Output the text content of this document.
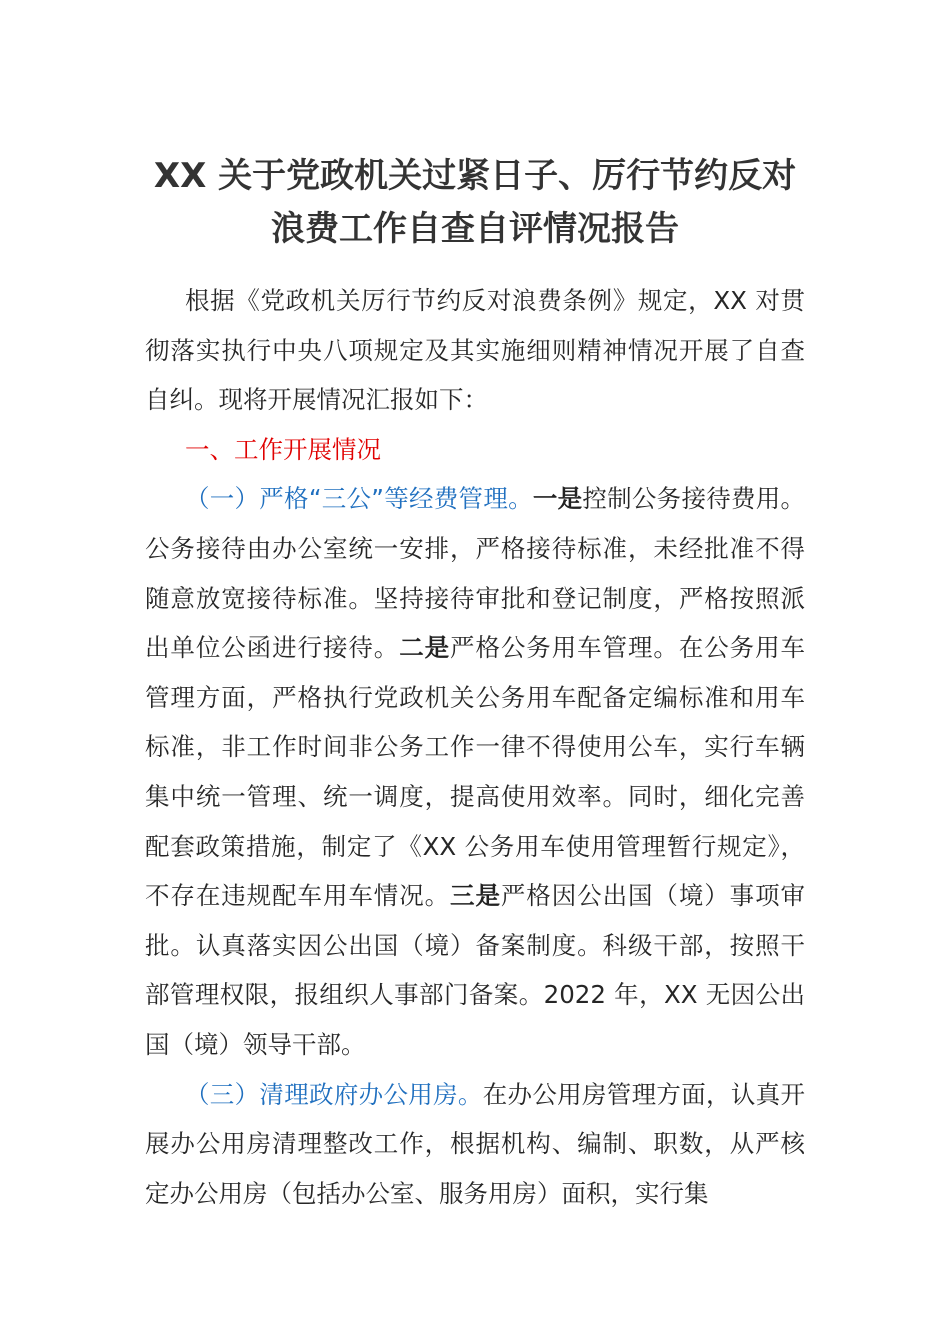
XX 关于党政机关过紧日子、厉行节约反对
浪费工作自查自评情况报告

根据《党政机关厉行节约反对浪费条例》规定，XX 对贯彻落实执行中央八项规定及其实施细则精神情况开展了自查自纠。现将开展情况汇报如下：

一、工作开展情况

（一）严格“三公”等经费管理。一是控制公务接待费用。公务接待由办公室统一安排，严格接待标准，未经批准不得随意放宽接待标准。坚持接待审批和登记制度，严格按照派出单位公函进行接待。二是严格公务用车管理。在公务用车管理方面，严格执行党政机关公务用车配备定编标准和用车标准，非工作时间非公务工作一律不得使用公车，实行车辆集中统一管理、统一调度，提高使用效率。同时，细化完善配套政策措施，制定了《XX 公务用车使用管理暂行规定》，不存在违规配车用车情况。三是严格因公出国（境）事项审批。认真落实因公出国（境）备案制度。科级干部，按照干部管理权限，报组织人事部门备案。2022 年，XX 无因公出国（境）领导干部。

（三）清理政府办公用房。在办公用房管理方面，认真开展办公用房清理整改工作，根据机构、编制、职数，从严核定办公用房（包括办公室、服务用房）面积，实行集
